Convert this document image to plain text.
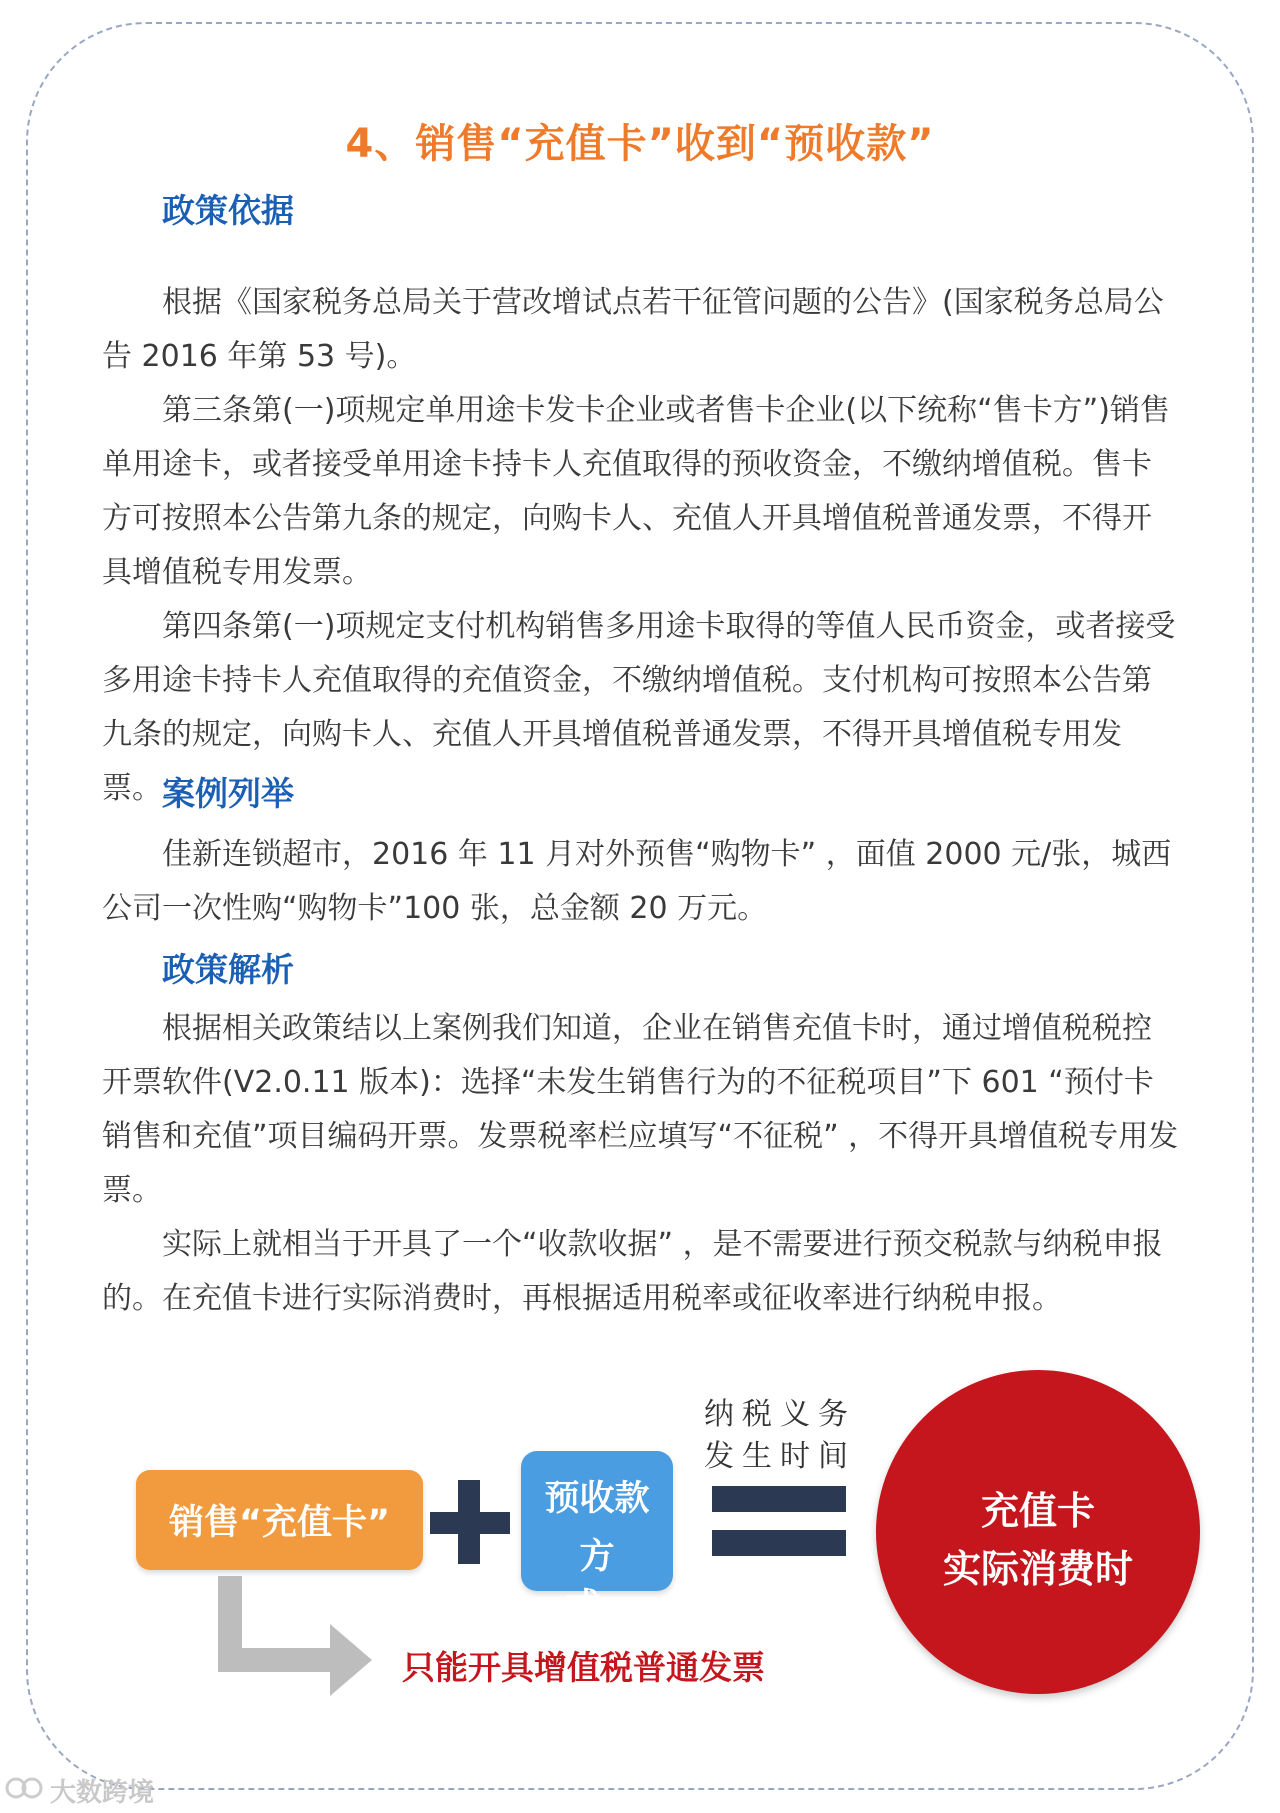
4、销售“充值卡”收到“预收款”
政策依据

根据《国家税务总局关于营改增试点若干征管问题的公告》(国家税务总局公告 2016 年第 53 号)。

第三条第(一)项规定单用途卡发卡企业或者售卡企业(以下统称“售卡方”)销售单用途卡，或者接受单用途卡持卡人充值取得的预收资金，不缴纳增值税。售卡方可按照本公告第九条的规定，向购卡人、充值人开具增值税普通发票，不得开具增值税专用发票。

第四条第(一)项规定支付机构销售多用途卡取得的等值人民币资金，或者接受多用途卡持卡人充值取得的充值资金，不缴纳增值税。支付机构可按照本公告第九条的规定，向购卡人、充值人开具增值税普通发票，不得开具增值税专用发票。 案例列举

佳新连锁超市，2016 年 11 月对外预售“购物卡” ，面值 2000 元/张，城西公司一次性购“购物卡”100 张，总金额 20 万元。

政策解析

根据相关政策结以上案例我们知道，企业在销售充值卡时，通过增值税税控开票软件(V2.0.11 版本)：选择“未发生销售行为的不征税项目”下 601 “预付卡销售和充值”项目编码开票。发票税率栏应填写“不征税” ，不得开具增值税专用发票。

实际上就相当于开具了一个“收款收据” ，是不需要进行预交税款与纳税申报的。在充值卡进行实际消费时，再根据适用税率或征收率进行纳税申报。

销售“充值卡”
预收款
方式
纳税义务
发生时间
充值卡
实际消费时
只能开具增值税普通发票
大数跨境
